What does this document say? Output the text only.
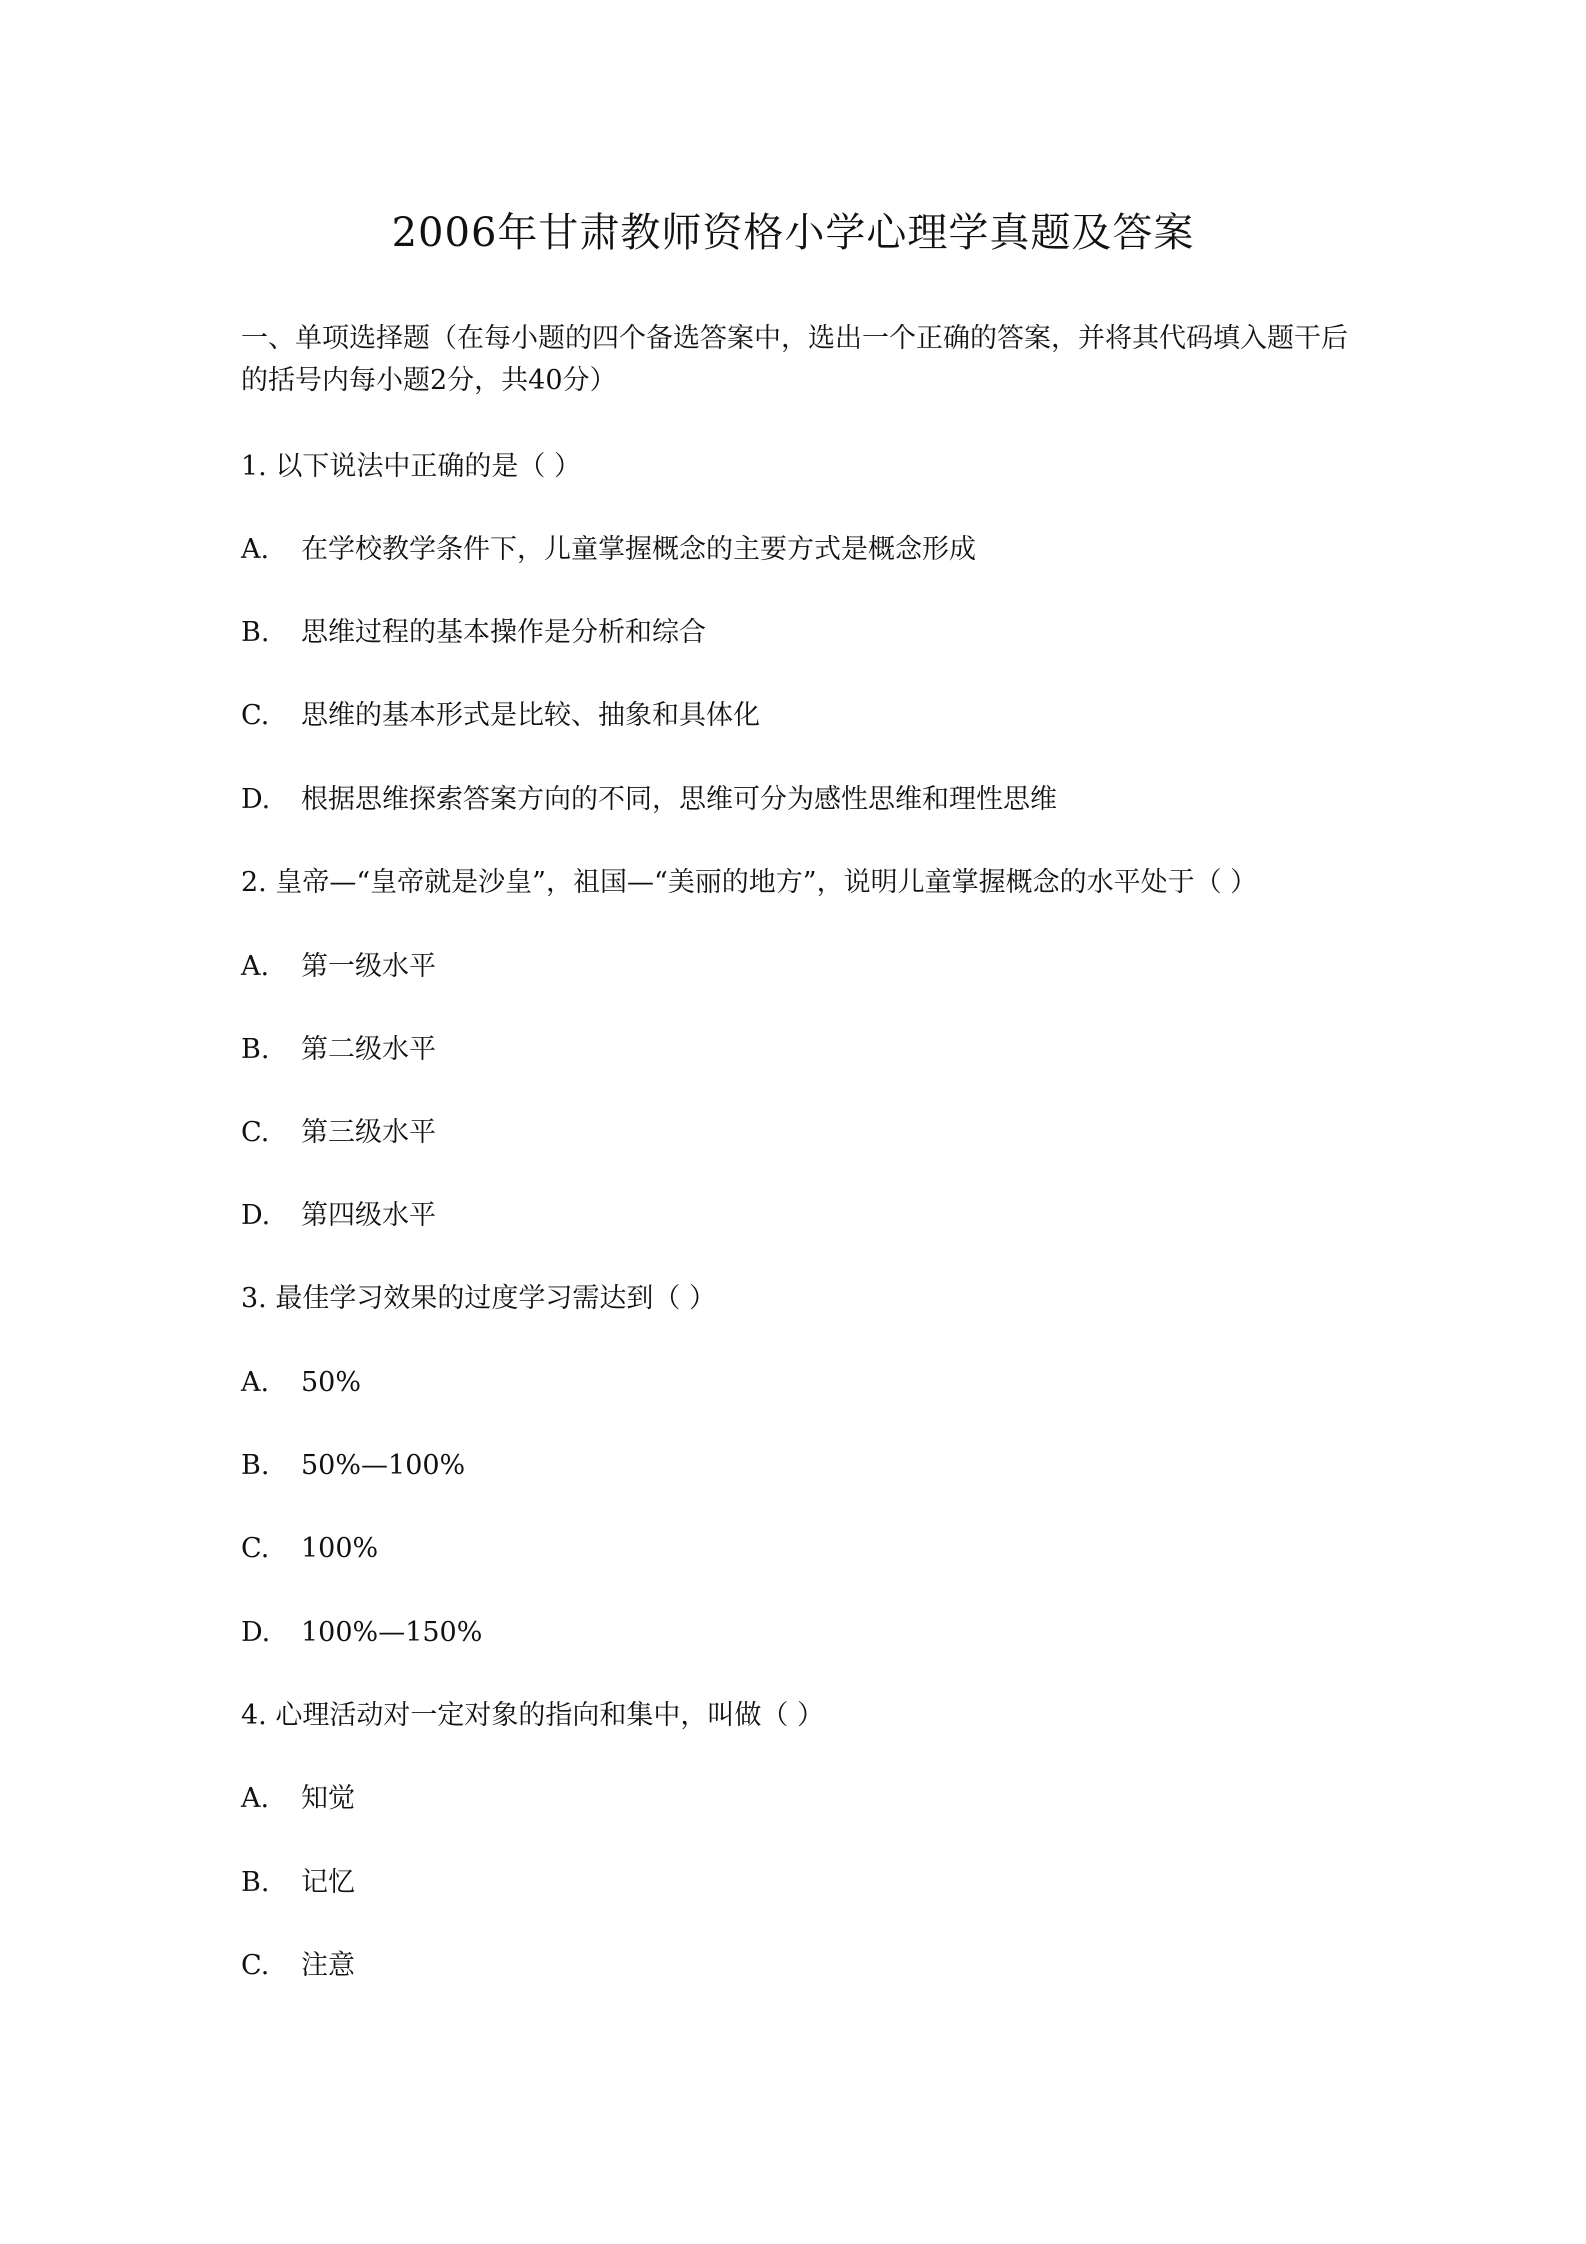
2006年甘肃教师资格小学心理学真题及答案

一、单项选择题（在每小题的四个备选答案中，选出一个正确的答案，并将其代码填入题干后的括号内每小题2分，共40分）

1. 以下说法中正确的是（ ）

A. 在学校教学条件下，儿童掌握概念的主要方式是概念形成

B. 思维过程的基本操作是分析和综合

C. 思维的基本形式是比较、抽象和具体化

D. 根据思维探索答案方向的不同，思维可分为感性思维和理性思维

2. 皇帝—“皇帝就是沙皇”，祖国—“美丽的地方”，说明儿童掌握概念的水平处于（ ）

A. 第一级水平

B. 第二级水平

C. 第三级水平

D. 第四级水平

3. 最佳学习效果的过度学习需达到（ ）

A. 50%

B. 50%—100%

C. 100%

D. 100%—150%

4. 心理活动对一定对象的指向和集中，叫做（ ）

A. 知觉

B. 记忆

C. 注意
